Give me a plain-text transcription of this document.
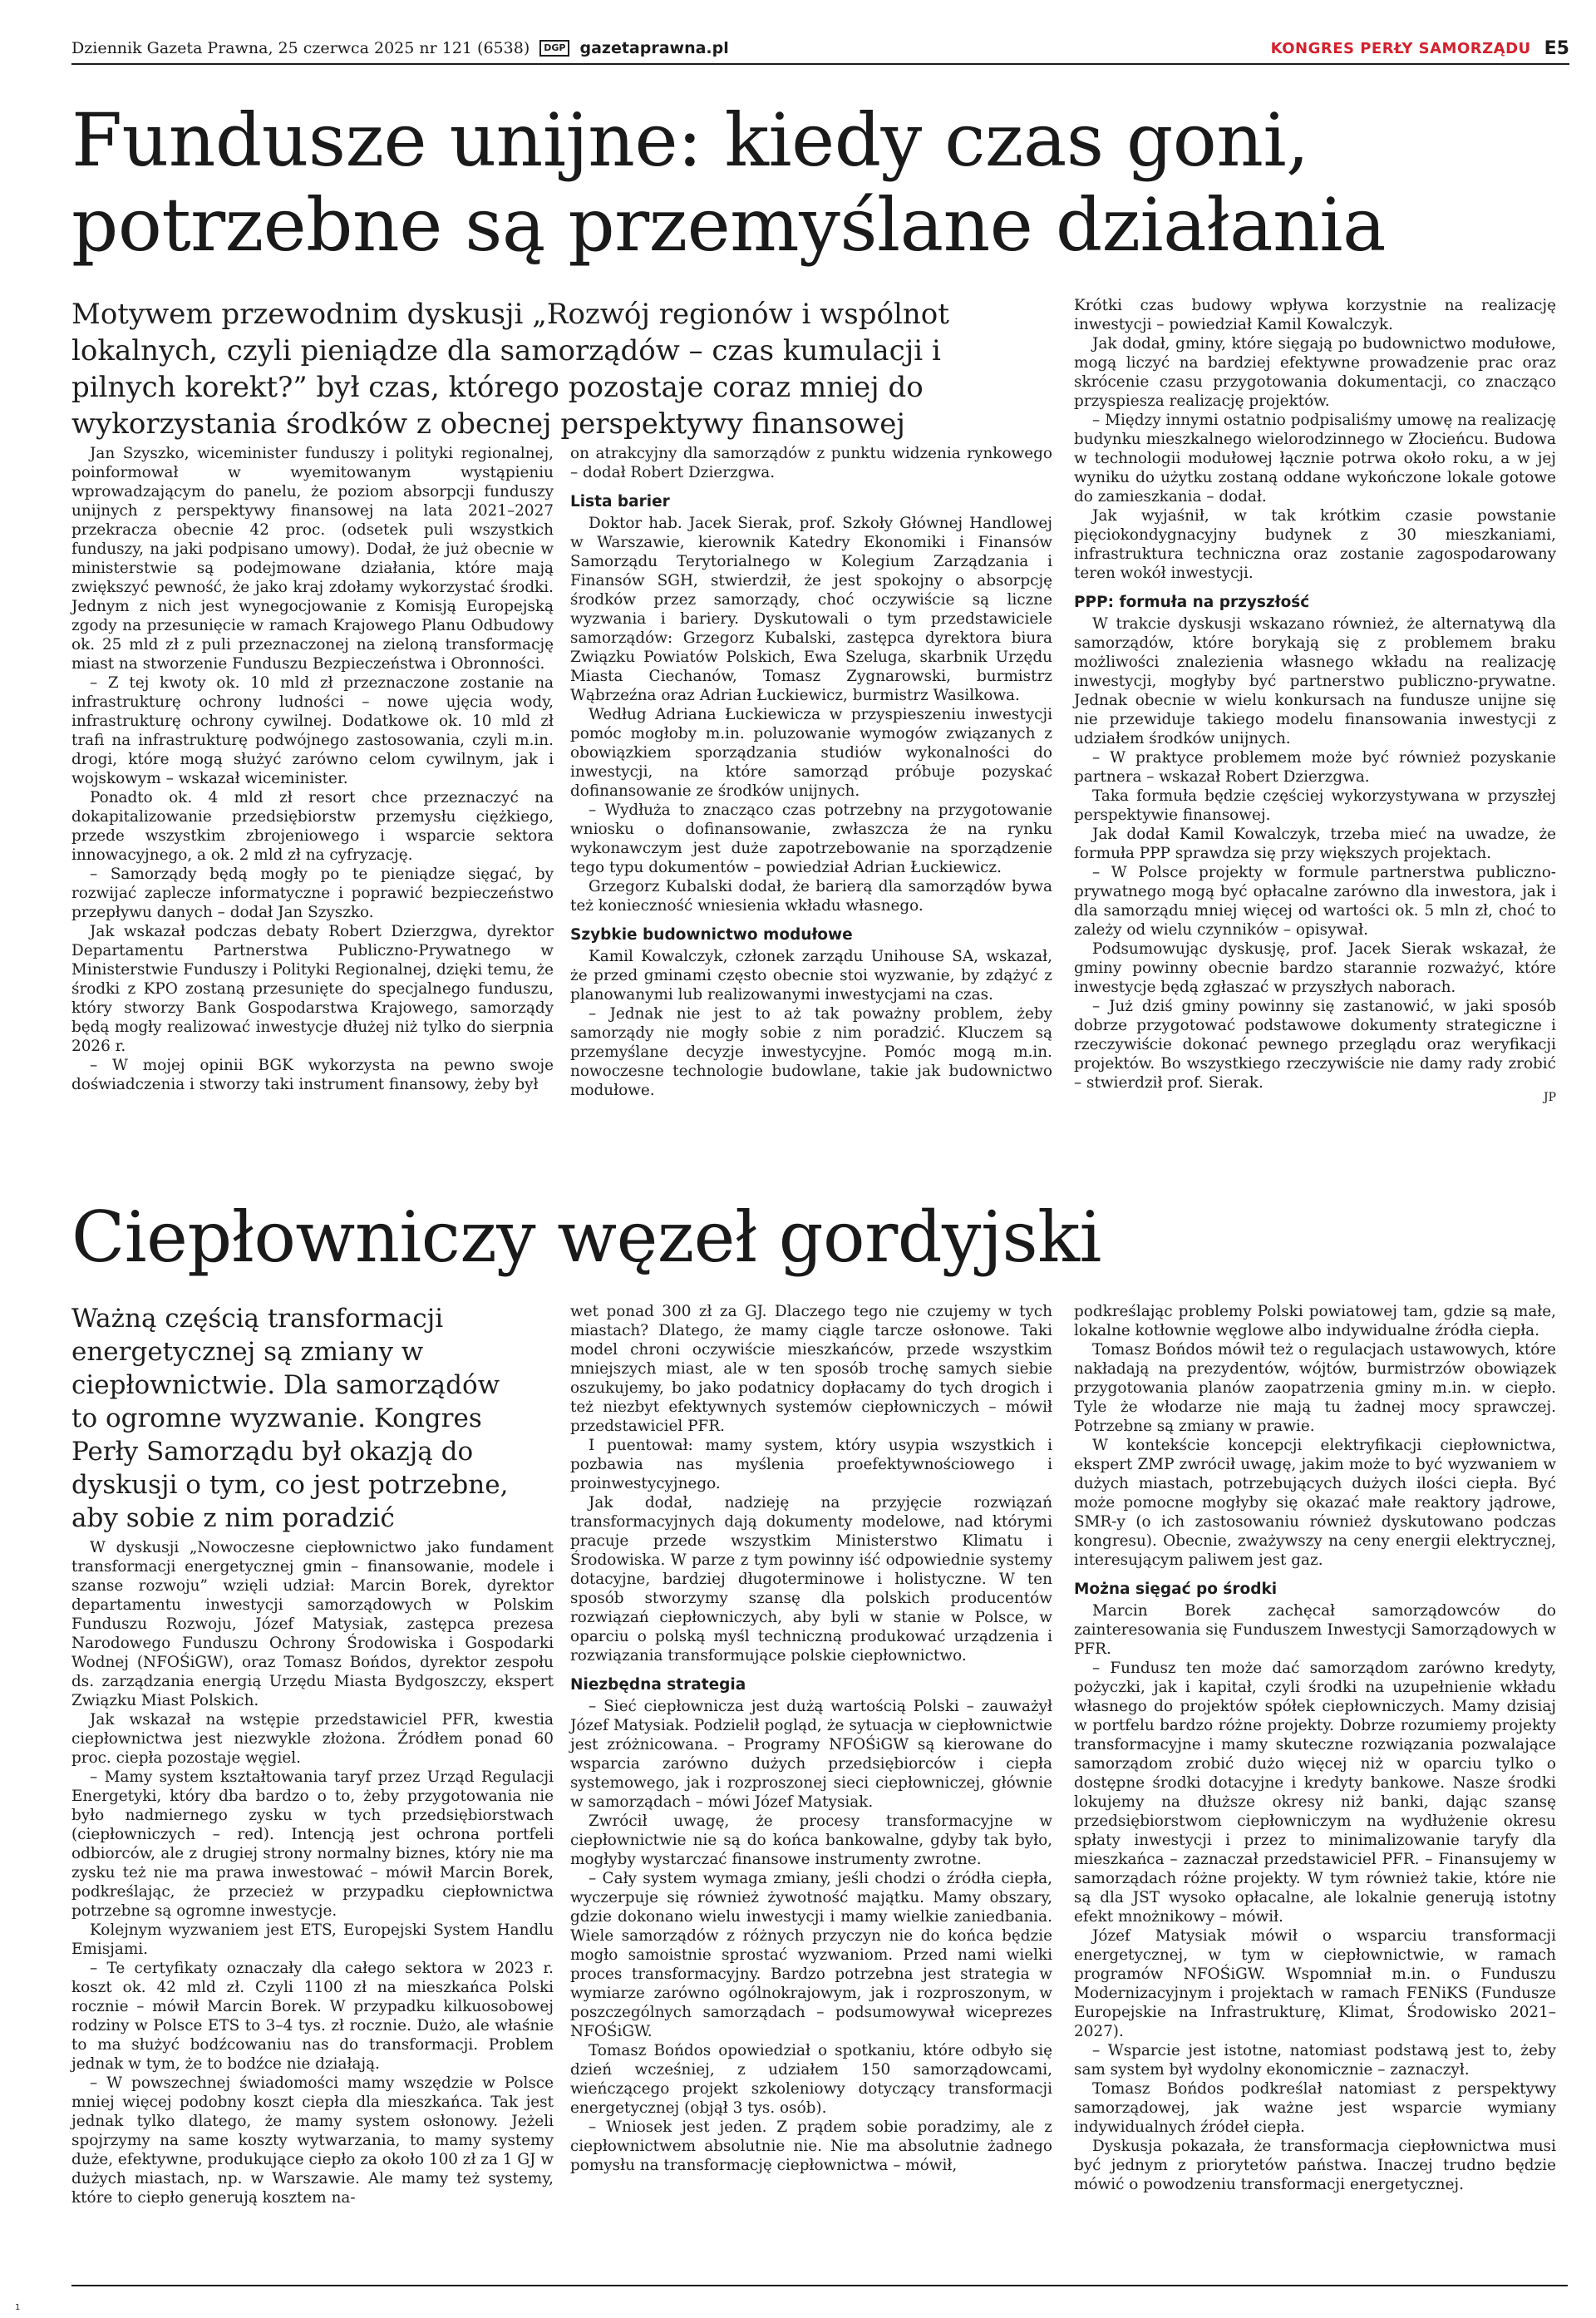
Dziennik Gazeta Prawna, 25 czerwca 2025 nr 121 (6538)	DGP gazetaprawna.pl	KONGRES PERŁY SAMORZĄDU E5
Fundusze unijne: kiedy czas goni,
potrzebne są przemyślane działania

Motywem przewodnim dyskusji „Rozwój regionów i wspólnot lokalnych, czyli pieniądze dla samorządów – czas kumulacji i pilnych korekt?” był czas, którego pozostaje coraz mniej do wykorzystania środków z obecnej perspektywy finansowej

Jan Szyszko, wiceminister funduszy i polityki regionalnej, poinformował w wyemitowanym wystąpieniu wprowadzającym do panelu, że poziom absorpcji funduszy unijnych z perspektywy finansowej na lata 2021–2027 przekracza obecnie 42 proc. (odsetek puli wszystkich funduszy, na jaki podpisano umowy). Dodał, że już obecnie w ministerstwie są podejmowane działania, które mają zwiększyć pewność, że jako kraj zdołamy wykorzystać środki. Jednym z nich jest wynegocjowanie z Komisją Europejską zgody na przesunięcie w ramach Krajowego Planu Odbudowy ok. 25 mld zł z puli przeznaczonej na zieloną transformację miast na stworzenie Funduszu Bezpieczeństwa i Obronności.

– Z tej kwoty ok. 10 mld zł przeznaczone zostanie na infrastrukturę ochrony ludności – nowe ujęcia wody, infrastrukturę ochrony cywilnej. Dodatkowe ok. 10 mld zł trafi na infrastrukturę podwójnego zastosowania, czyli m.in. drogi, które mogą służyć zarówno celom cywilnym, jak i wojskowym – wskazał wiceminister.

Ponadto ok. 4 mld zł resort chce przeznaczyć na dokapitalizowanie przedsiębiorstw przemysłu ciężkiego, przede wszystkim zbrojeniowego i wsparcie sektora innowacyjnego, a ok. 2 mld zł na cyfryzację.

– Samorządy będą mogły po te pieniądze sięgać, by rozwijać zaplecze informatyczne i poprawić bezpieczeństwo przepływu danych – dodał Jan Szyszko.

Jak wskazał podczas debaty Robert Dzierzgwa, dyrektor Departamentu Partnerstwa Publiczno-Prywatnego w Ministerstwie Funduszy i Polityki Regionalnej, dzięki temu, że środki z KPO zostaną przesunięte do specjalnego funduszu, który stworzy Bank Gospodarstwa Krajowego, samorządy będą mogły realizować inwestycje dłużej niż tylko do sierpnia 2026 r.

– W mojej opinii BGK wykorzysta na pewno swoje doświadczenia i stworzy taki instrument finansowy, żeby był

on atrakcyjny dla samorządów z punktu widzenia rynkowego – dodał Robert Dzierzgwa.

Lista barier

Doktor hab. Jacek Sierak, prof. Szkoły Głównej Handlowej w Warszawie, kierownik Katedry Ekonomiki i Finansów Samorządu Terytorialnego w Kolegium Zarządzania i Finansów SGH, stwierdził, że jest spokojny o absorpcję środków przez samorządy, choć oczywiście są liczne wyzwania i bariery. Dyskutowali o tym przedstawiciele samorządów: Grzegorz Kubalski, zastępca dyrektora biura Związku Powiatów Polskich, Ewa Szeluga, skarbnik Urzędu Miasta Ciechanów, Tomasz Zygnarowski, burmistrz Wąbrzeźna oraz Adrian Łuckiewicz, burmistrz Wasilkowa.

Według Adriana Łuckiewicza w przyspieszeniu inwestycji pomóc mogłoby m.in. poluzowanie wymogów związanych z obowiązkiem sporządzania studiów wykonalności do inwestycji, na które samorząd próbuje pozyskać dofinansowanie ze środków unijnych.

– Wydłuża to znacząco czas potrzebny na przygotowanie wniosku o dofinansowanie, zwłaszcza że na rynku wykonawczym jest duże zapotrzebowanie na sporządzenie tego typu dokumentów – powiedział Adrian Łuckiewicz.

Grzegorz Kubalski dodał, że barierą dla samorządów bywa też konieczność wniesienia wkładu własnego.

Szybkie budownictwo modułowe

Kamil Kowalczyk, członek zarządu Unihouse SA, wskazał, że przed gminami często obecnie stoi wyzwanie, by zdążyć z planowanymi lub realizowanymi inwestycjami na czas.

– Jednak nie jest to aż tak poważny problem, żeby samorządy nie mogły sobie z nim poradzić. Kluczem są przemyślane decyzje inwestycyjne. Pomóc mogą m.in. nowoczesne technologie budowlane, takie jak budownictwo modułowe.

Krótki czas budowy wpływa korzystnie na realizację inwestycji – powiedział Kamil Kowalczyk.

Jak dodał, gminy, które sięgają po budownictwo modułowe, mogą liczyć na bardziej efektywne prowadzenie prac oraz skrócenie czasu przygotowania dokumentacji, co znacząco przyspiesza realizację projektów.

– Między innymi ostatnio podpisaliśmy umowę na realizację budynku mieszkalnego wielorodzinnego w Złocieńcu. Budowa w technologii modułowej łącznie potrwa około roku, a w jej wyniku do użytku zostaną oddane wykończone lokale gotowe do zamieszkania – dodał.

Jak wyjaśnił, w tak krótkim czasie powstanie pięciokondygnacyjny budynek z 30 mieszkaniami, infrastruktura techniczna oraz zostanie zagospodarowany teren wokół inwestycji.

PPP: formuła na przyszłość

W trakcie dyskusji wskazano również, że alternatywą dla samorządów, które borykają się z problemem braku możliwości znalezienia własnego wkładu na realizację inwestycji, mogłyby być partnerstwo publiczno-prywatne. Jednak obecnie w wielu konkursach na fundusze unijne się nie przewiduje takiego modelu finansowania inwestycji z udziałem środków unijnych.

– W praktyce problemem może być również pozyskanie partnera – wskazał Robert Dzierzgwa.

Taka formuła będzie częściej wykorzystywana w przyszłej perspektywie finansowej.

Jak dodał Kamil Kowalczyk, trzeba mieć na uwadze, że formuła PPP sprawdza się przy większych projektach.

– W Polsce projekty w formule partnerstwa publiczno-prywatnego mogą być opłacalne zarówno dla inwestora, jak i dla samorządu mniej więcej od wartości ok. 5 mln zł, choć to zależy od wielu czynników – opisywał.

Podsumowując dyskusję, prof. Jacek Sierak wskazał, że gminy powinny obecnie bardzo starannie rozważyć, które inwestycje będą zgłaszać w przyszłych naborach.

– Już dziś gminy powinny się zastanowić, w jaki sposób dobrze przygotować podstawowe dokumenty strategiczne i rzeczywiście dokonać pewnego przeglądu oraz weryfikacji projektów. Bo wszystkiego rzeczywiście nie damy rady zrobić – stwierdził prof. Sierak.

JP
Ciepłowniczy węzeł gordyjski

Ważną częścią transformacji energetycznej są zmiany w ciepłownictwie. Dla samorządów to ogromne wyzwanie. Kongres Perły Samorządu był okazją do dyskusji o tym, co jest potrzebne, aby sobie z nim poradzić

W dyskusji „Nowoczesne ciepłownictwo jako fundament transformacji energetycznej gmin – finansowanie, modele i szanse rozwoju” wzięli udział: Marcin Borek, dyrektor departamentu inwestycji samorządowych w Polskim Funduszu Rozwoju, Józef Matysiak, zastępca prezesa Narodowego Funduszu Ochrony Środowiska i Gospodarki Wodnej (NFOŚiGW), oraz Tomasz Bońdos, dyrektor zespołu ds. zarządzania energią Urzędu Miasta Bydgoszczy, ekspert Związku Miast Polskich.

Jak wskazał na wstępie przedstawiciel PFR, kwestia ciepłownictwa jest niezwykle złożona. Źródłem ponad 60 proc. ciepła pozostaje węgiel.

– Mamy system kształtowania taryf przez Urząd Regulacji Energetyki, który dba bardzo o to, żeby przygotowania nie było nadmiernego zysku w tych przedsiębiorstwach (ciepłowniczych – red). Intencją jest ochrona portfeli odbiorców, ale z drugiej strony normalny biznes, który nie ma zysku też nie ma prawa inwestować – mówił Marcin Borek, podkreślając, że przecież w przypadku ciepłownictwa potrzebne są ogromne inwestycje.

Kolejnym wyzwaniem jest ETS, Europejski System Handlu Emisjami.

– Te certyfikaty oznaczały dla całego sektora w 2023 r. koszt ok. 42 mld zł. Czyli 1100 zł na mieszkańca Polski rocznie – mówił Marcin Borek. W przypadku kilkuosobowej rodziny w Polsce ETS to 3–4 tys. zł rocznie. Dużo, ale właśnie to ma służyć bodźcowaniu nas do transformacji. Problem jednak w tym, że to bodźce nie działają.

– W powszechnej świadomości mamy wszędzie w Polsce mniej więcej podobny koszt ciepła dla mieszkańca. Tak jest jednak tylko dlatego, że mamy system osłonowy. Jeżeli spojrzymy na same koszty wytwarzania, to mamy systemy duże, efektywne, produkujące ciepło za około 100 zł za 1 GJ w dużych miastach, np. w Warszawie. Ale mamy też systemy, które to ciepło generują kosztem na-

wet ponad 300 zł za GJ. Dlaczego tego nie czujemy w tych miastach? Dlatego, że mamy ciągle tarcze osłonowe. Taki model chroni oczywiście mieszkańców, przede wszystkim mniejszych miast, ale w ten sposób trochę samych siebie oszukujemy, bo jako podatnicy dopłacamy do tych drogich i też niezbyt efektywnych systemów ciepłowniczych – mówił przedstawiciel PFR.

I puentował: mamy system, który usypia wszystkich i pozbawia nas myślenia proefektywnościowego i proinwestycyjnego.

Jak dodał, nadzieję na przyjęcie rozwiązań transformacyjnych dają dokumenty modelowe, nad którymi pracuje przede wszystkim Ministerstwo Klimatu i Środowiska. W parze z tym powinny iść odpowiednie systemy dotacyjne, bardziej długoterminowe i holistyczne. W ten sposób stworzymy szansę dla polskich producentów rozwiązań ciepłowniczych, aby byli w stanie w Polsce, w oparciu o polską myśl techniczną produkować urządzenia i rozwiązania transformujące polskie ciepłownictwo.

Niezbędna strategia

– Sieć ciepłownicza jest dużą wartością Polski – zauważył Józef Matysiak. Podzielił pogląd, że sytuacja w ciepłownictwie jest zróżnicowana. – Programy NFOŚiGW są kierowane do wsparcia zarówno dużych przedsiębiorców i ciepła systemowego, jak i rozproszonej sieci ciepłowniczej, głównie w samorządach – mówi Józef Matysiak.

Zwrócił uwagę, że procesy transformacyjne w ciepłownictwie nie są do końca bankowalne, gdyby tak było, mogłyby wystarczać finansowe instrumenty zwrotne.

– Cały system wymaga zmiany, jeśli chodzi o źródła ciepła, wyczerpuje się również żywotność majątku. Mamy obszary, gdzie dokonano wielu inwestycji i mamy wielkie zaniedbania. Wiele samorządów z różnych przyczyn nie do końca będzie mogło samoistnie sprostać wyzwaniom. Przed nami wielki proces transformacyjny. Bardzo potrzebna jest strategia w wymiarze zarówno ogólnokrajowym, jak i rozproszonym, w poszczególnych samorządach – podsumowywał wiceprezes NFOŚiGW.

Tomasz Bońdos opowiedział o spotkaniu, które odbyło się dzień wcześniej, z udziałem 150 samorządowcami, wieńczącego projekt szkoleniowy dotyczący transformacji energetycznej (objął 3 tys. osób).

– Wniosek jest jeden. Z prądem sobie poradzimy, ale z ciepłownictwem absolutnie nie. Nie ma absolutnie żadnego pomysłu na transformację ciepłownictwa – mówił,

podkreślając problemy Polski powiatowej tam, gdzie są małe, lokalne kotłownie węglowe albo indywidualne źródła ciepła.

Tomasz Bońdos mówił też o regulacjach ustawowych, które nakładają na prezydentów, wójtów, burmistrzów obowiązek przygotowania planów zaopatrzenia gminy m.in. w ciepło. Tyle że włodarze nie mają tu żadnej mocy sprawczej. Potrzebne są zmiany w prawie.

W kontekście koncepcji elektryfikacji ciepłownictwa, ekspert ZMP zwrócił uwagę, jakim może to być wyzwaniem w dużych miastach, potrzebujących dużych ilości ciepła. Być może pomocne mogłyby się okazać małe reaktory jądrowe, SMR-y (o ich zastosowaniu również dyskutowano podczas kongresu). Obecnie, zważywszy na ceny energii elektrycznej, interesującym paliwem jest gaz.

Można sięgać po środki

Marcin Borek zachęcał samorządowców do zainteresowania się Funduszem Inwestycji Samorządowych w PFR.

– Fundusz ten może dać samorządom zarówno kredyty, pożyczki, jak i kapitał, czyli środki na uzupełnienie wkładu własnego do projektów spółek ciepłowniczych. Mamy dzisiaj w portfelu bardzo różne projekty. Dobrze rozumiemy projekty transformacyjne i mamy skuteczne rozwiązania pozwalające samorządom zrobić dużo więcej niż w oparciu tylko o dostępne środki dotacyjne i kredyty bankowe. Nasze środki lokujemy na dłuższe okresy niż banki, dając szansę przedsiębiorstwom ciepłowniczym na wydłużenie okresu spłaty inwestycji i przez to minimalizowanie taryfy dla mieszkańca – zaznaczał przedstawiciel PFR. – Finansujemy w samorządach różne projekty. W tym również takie, które nie są dla JST wysoko opłacalne, ale lokalnie generują istotny efekt mnożnikowy – mówił.

Józef Matysiak mówił o wsparciu transformacji energetycznej, w tym w ciepłownictwie, w ramach programów NFOŚiGW. Wspomniał m.in. o Funduszu Modernizacyjnym i projektach w ramach FENiKS (Fundusze Europejskie na Infrastrukturę, Klimat, Środowisko 2021–2027).

– Wsparcie jest istotne, natomiast podstawą jest to, żeby sam system był wydolny ekonomicznie – zaznaczył.

Tomasz Bońdos podkreślał natomiast z perspektywy samorządowej, jak ważne jest wsparcie wymiany indywidualnych źródeł ciepła.

Dyskusja pokazała, że transformacja ciepłownictwa musi być jednym z priorytetów państwa. Inaczej trudno będzie mówić o powodzeniu transformacji energetycznej.

1
